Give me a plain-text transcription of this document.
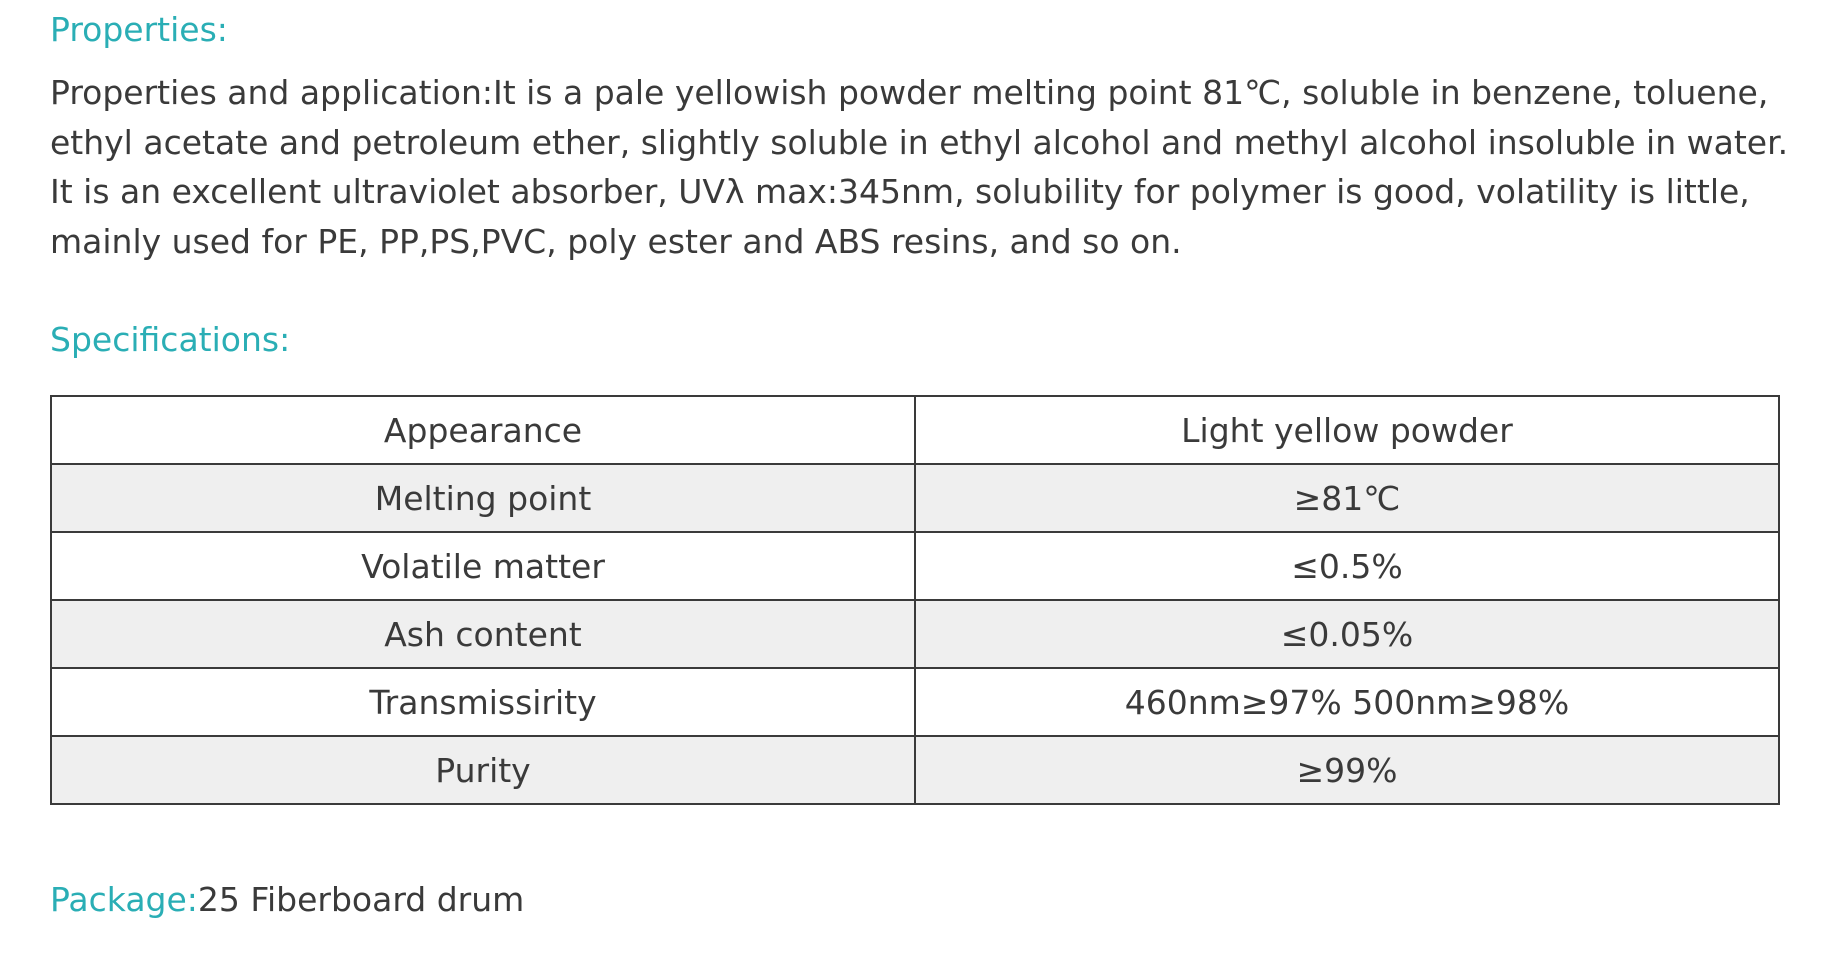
Properties:

Properties and application:It is a pale yellowish powder melting point 81℃, soluble in benzene, toluene, ethyl acetate and petroleum ether, slightly soluble in ethyl alcohol and methyl alcohol insoluble in water.

It is an excellent ultraviolet absorber, UVλ max:345nm, solubility for polymer is good, volatility is little, mainly used for PE, PP,PS,PVC, poly ester and ABS resins, and so on.

Specifications:
Appearance	Light yellow powder
Melting point	≥81℃
Volatile matter	≤0.5%
Ash content	≤0.05%
Transmissirity	460nm≥97% 500nm≥98%
Purity	≥99%

Package:25 Fiberboard drum
